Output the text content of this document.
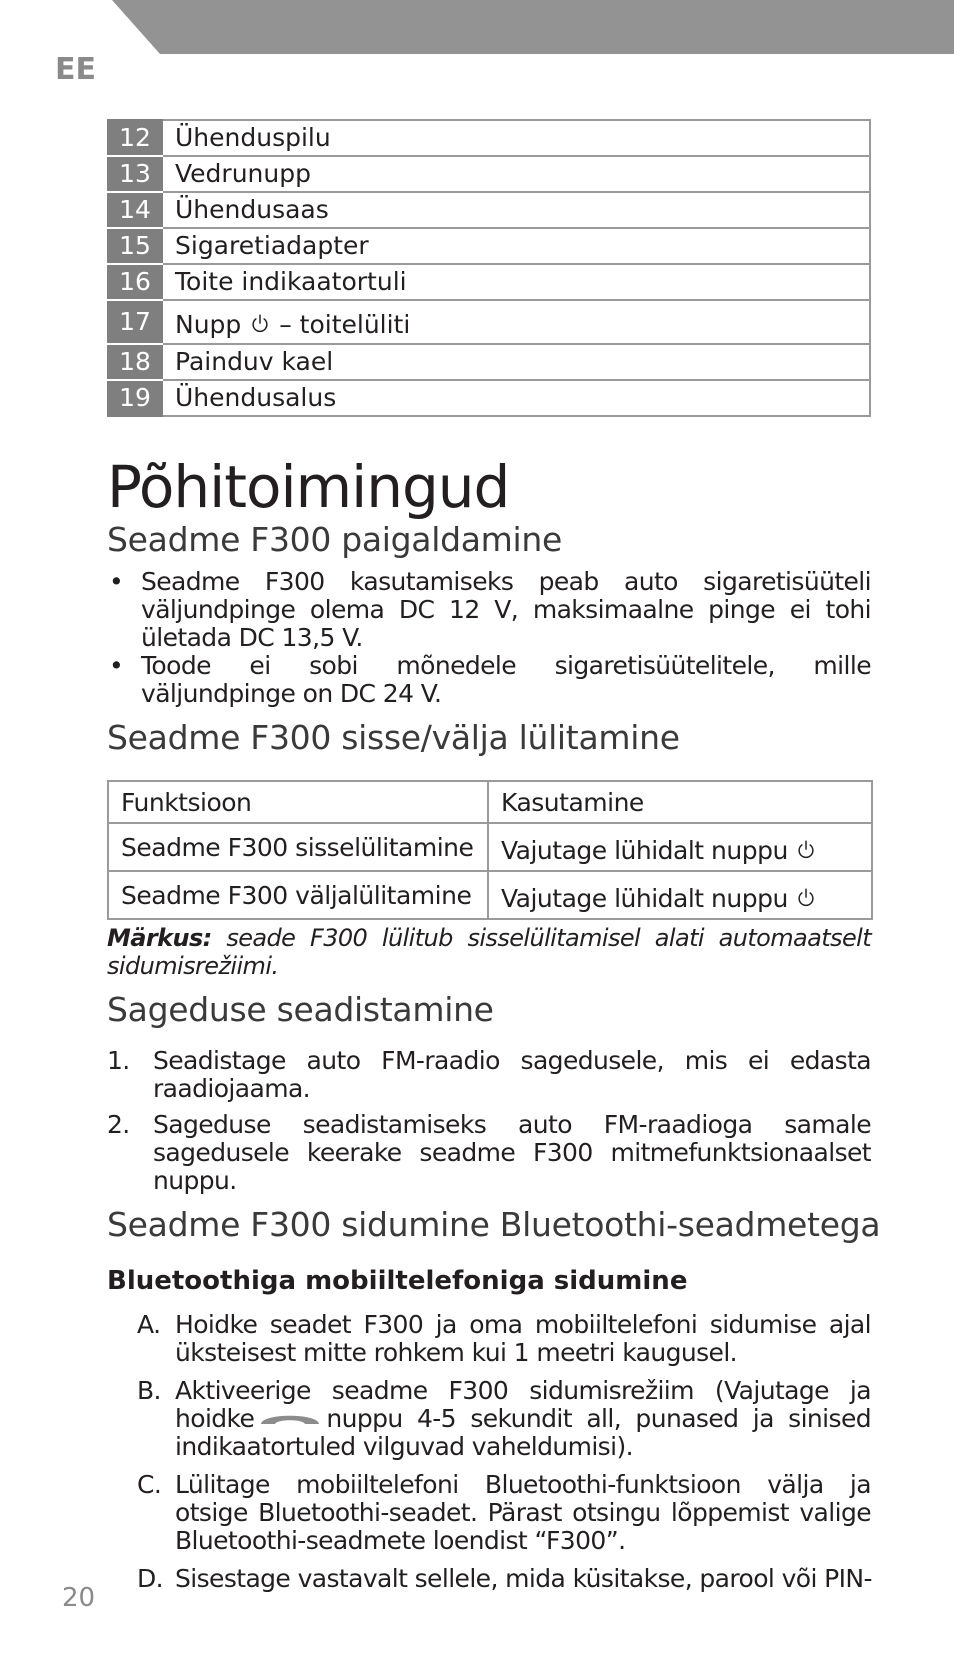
EE
12	Ühenduspilu
13	Vedrunupp
14	Ühendusaas
15	Sigaretiadapter
16	Toite indikaatortuli
17	Nupp – toitelüliti
18	Painduv kael
19	Ühendusalus
Põhitoimingud
Seadme F300 paigaldamine
• Seadme F300 kasutamiseks peab auto sigaretisüüteli väljundpinge olema DC 12 V, maksimaalne pinge ei tohi ületada DC 13,5 V.
• Toode ei sobi mõnedele sigaretisüütelitele, mille väljundpinge on DC 24 V.
Seadme F300 sisse/välja lülitamine
Funktsioon	Kasutamine
Seadme F300 sisselülitamine	Vajutage lühidalt nuppu
Seadme F300 väljalülitamine	Vajutage lühidalt nuppu

Märkus: seade F300 lülitub sisselülitamisel alati automaatselt sidumisrežiimi.

Sageduse seadistamine
1. Seadistage auto FM-raadio sagedusele, mis ei edasta raadiojaama.
2. Sageduse seadistamiseks auto FM-raadioga samale sagedusele keerake seadme F300 mitmefunktsionaalset nuppu.
Seadme F300 sidumine Bluetoothi-seadmetega
Bluetoothiga mobiiltelefoniga sidumine
A. Hoidke seadet F300 ja oma mobiiltelefoni sidumise ajal üksteisest mitte rohkem kui 1 meetri kaugusel.
B. Aktiveerige seadme F300 sidumisrežiim (Vajutage ja hoidke	nuppu 4-5 sekundit all, punased ja sinised indikaatortuled vilguvad vaheldumisi).
C. Lülitage mobiiltelefoni Bluetoothi-funktsioon välja ja otsige Bluetoothi-seadet. Pärast otsingu lõppemist valige Bluetoothi-seadmete loendist “F300”.
D. Sisestage vastavalt sellele, mida küsitakse, parool või PIN-
20
